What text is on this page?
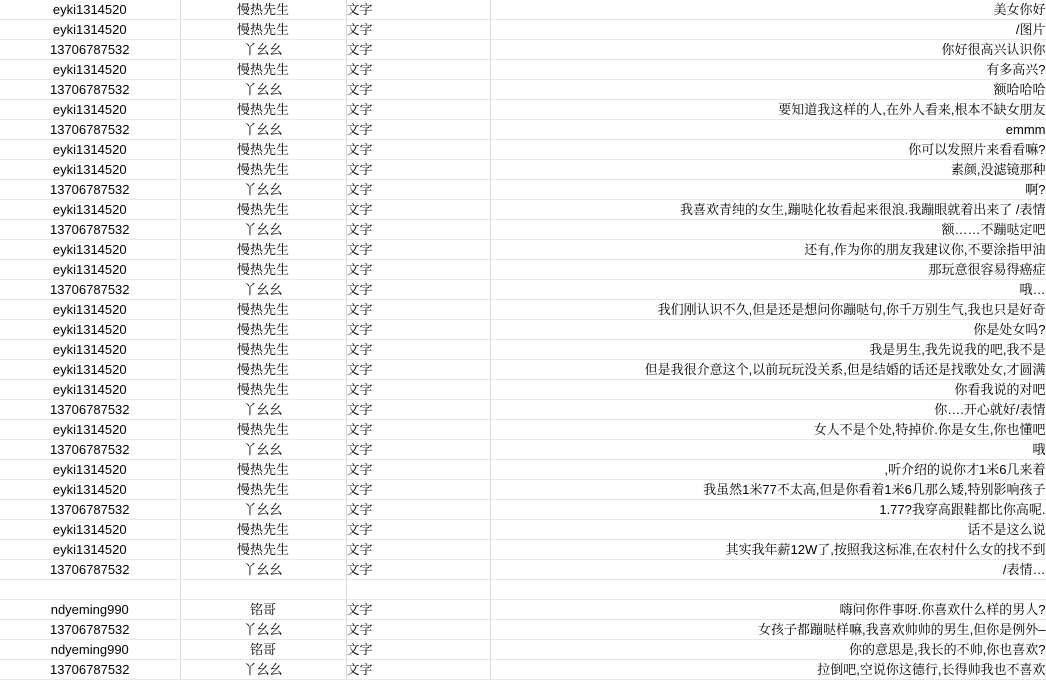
eyki1314520	慢热先生	文字	美女你好
eyki1314520	慢热先生	文字	/图片
13706787532	丫幺幺	文字	你好很高兴认识你
eyki1314520	慢热先生	文字	有多高兴?
13706787532	丫幺幺	文字	额哈哈哈
eyki1314520	慢热先生	文字	要知道我这样的人,在外人看来,根本不缺女朋友
13706787532	丫幺幺	文字	emmm
eyki1314520	慢热先生	文字	你可以发照片来看看嘛?
eyki1314520	慢热先生	文字	素颜,没滤镜那种
13706787532	丫幺幺	文字	啊?
eyki1314520	慢热先生	文字	我喜欢青纯的女生,蹦哒化妆看起来很浪.我蹦眼就着出来了 /表情
13706787532	丫幺幺	文字	额……不蹦哒定吧
eyki1314520	慢热先生	文字	还有,作为你的朋友我建议你,不要涂指甲油
eyki1314520	慢热先生	文字	那玩意很容易得癌症
13706787532	丫幺幺	文字	哦…
eyki1314520	慢热先生	文字	我们刚认识不久,但是还是想问你蹦哒句,你千万别生气,我也只是好奇
eyki1314520	慢热先生	文字	你是处女吗?
eyki1314520	慢热先生	文字	我是男生,我先说我的吧,我不是
eyki1314520	慢热先生	文字	但是我很介意这个,以前玩玩没关系,但是结婚的话还是找歌处女,才圆满
eyki1314520	慢热先生	文字	你看我说的对吧
13706787532	丫幺幺	文字	你….开心就好/表情
eyki1314520	慢热先生	文字	女人不是个处,特掉价.你是女生,你也懂吧
13706787532	丫幺幺	文字	哦
eyki1314520	慢热先生	文字	,听介绍的说你才1米6几来着
eyki1314520	慢热先生	文字	我虽然1米77不太高,但是你看着1米6几那么矮,特别影响孩子
13706787532	丫幺幺	文字	1.77?我穿高跟鞋都比你高呢.
eyki1314520	慢热先生	文字	话不是这么说
eyki1314520	慢热先生	文字	其实我年薪12W了,按照我这标准,在农村什么女的找不到
13706787532	丫幺幺	文字	/表情…

ndyeming990	铭哥	文字	嗨问你件事呀.你喜欢什么样的男人?
13706787532	丫幺幺	文字	女孩子都蹦哒样嘛,我喜欢帅帅的男生,但你是例外–
ndyeming990	铭哥	文字	你的意思是,我长的不帅,你也喜欢?
13706787532	丫幺幺	文字	拉倒吧,空说你这德行,长得帅我也不喜欢
